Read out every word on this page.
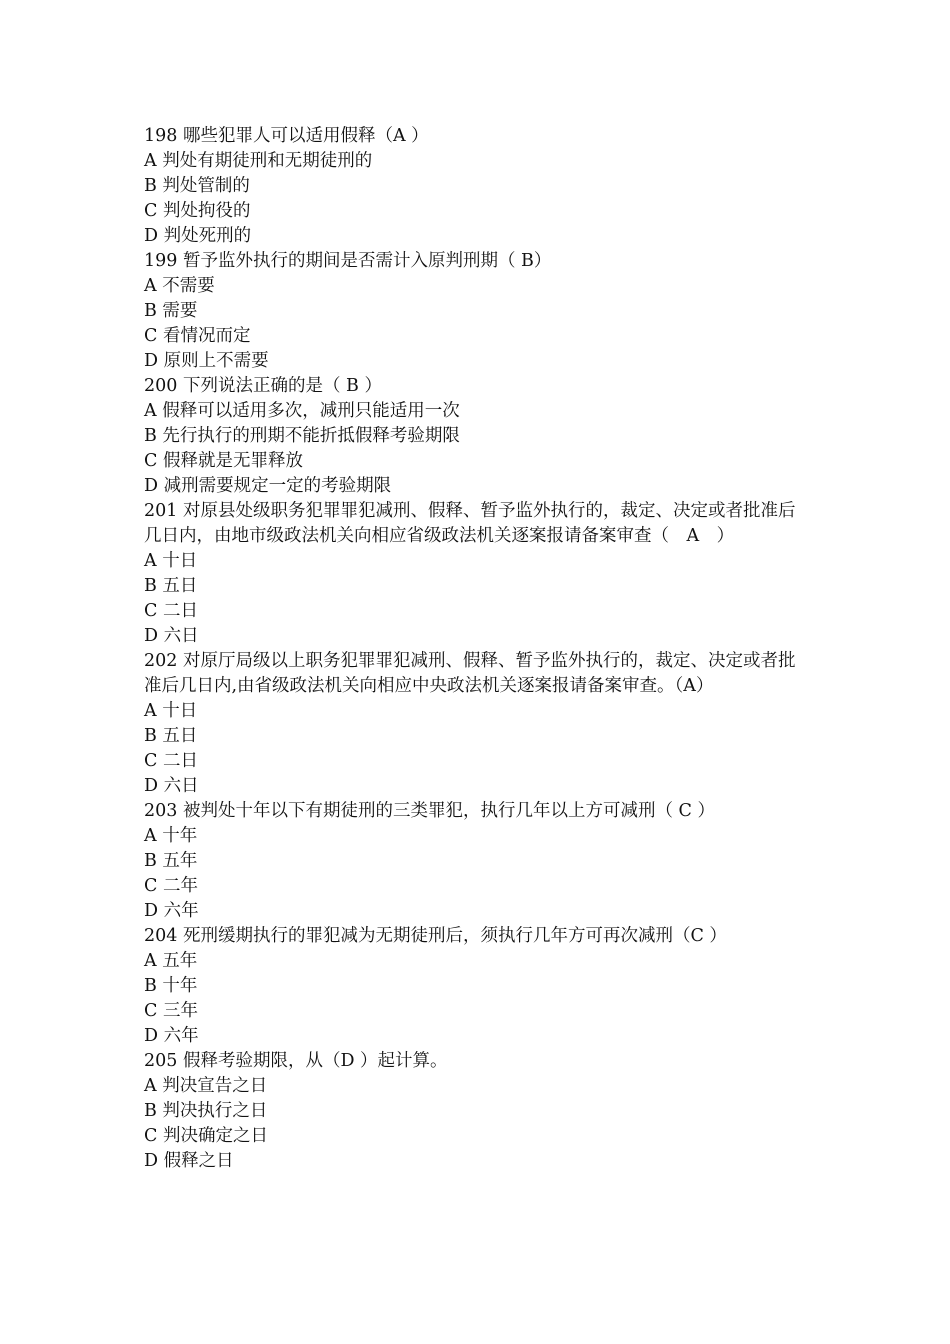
198 哪些犯罪人可以适用假释（A ）
A 判处有期徒刑和无期徒刑的
B 判处管制的
C 判处拘役的
D 判处死刑的
199 暂予监外执行的期间是否需计入原判刑期（ B）
A 不需要
B 需要
C 看情况而定
D 原则上不需要
200 下列说法正确的是（ B ）
A 假释可以适用多次，减刑只能适用一次
B 先行执行的刑期不能折抵假释考验期限
C 假释就是无罪释放
D 减刑需要规定一定的考验期限
201 对原县处级职务犯罪罪犯减刑、假释、暂予监外执行的，裁定、决定或者批准后几日内，由地市级政法机关向相应省级政法机关逐案报请备案审查（　A　）
A 十日
B 五日
C 二日
D 六日
202 对原厅局级以上职务犯罪罪犯减刑、假释、暂予监外执行的，裁定、决定或者批准后几日内,由省级政法机关向相应中央政法机关逐案报请备案审查。（A）
A 十日
B 五日
C 二日
D 六日
203 被判处十年以下有期徒刑的三类罪犯，执行几年以上方可减刑（ C ）
A 十年
B 五年
C 二年
D 六年
204 死刑缓期执行的罪犯减为无期徒刑后，须执行几年方可再次减刑（C ）
A 五年
B 十年
C 三年
D 六年
205 假释考验期限，从（D ）起计算。
A 判决宣告之日
B 判决执行之日
C 判决确定之日
D 假释之日
